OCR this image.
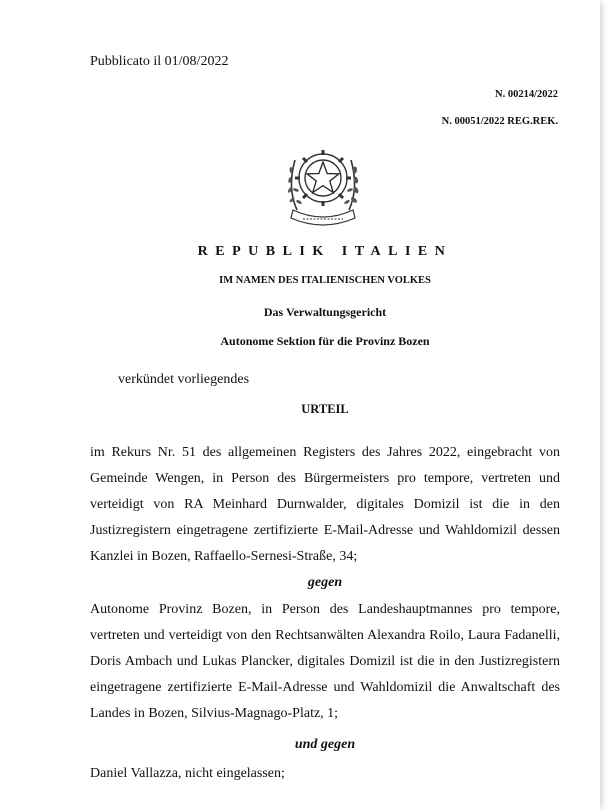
Pubblicato il 01/08/2022
N. 00214/2022
N. 00051/2022 REG.REK.
REPUBLIK ITALIEN
IM NAMEN DES ITALIENISCHEN VOLKES
Das Verwaltungsgericht
Autonome Sektion für die Provinz Bozen
verkündet vorliegendes
URTEIL
im Rekurs Nr. 51 des allgemeinen Registers des Jahres 2022, eingebracht von Gemeinde Wengen, in Person des Bürgermeisters pro tempore, vertreten und verteidigt von RA Meinhard Durnwalder, digitales Domizil ist die in den Justizregistern eingetragene zertifizierte E-Mail-Adresse und Wahldomizil dessen Kanzlei in Bozen, Raffaello-Sernesi-Straße, 34;
gegen
Autonome Provinz Bozen, in Person des Landeshauptmannes pro tempore, vertreten und verteidigt von den Rechtsanwälten Alexandra Roilo, Laura Fadanelli, Doris Ambach und Lukas Plancker, digitales Domizil ist die in den Justizregistern eingetragene zertifizierte E-Mail-Adresse und Wahldomizil die Anwaltschaft des Landes in Bozen, Silvius-Magnago-Platz, 1;
und gegen
Daniel Vallazza, nicht eingelassen;
